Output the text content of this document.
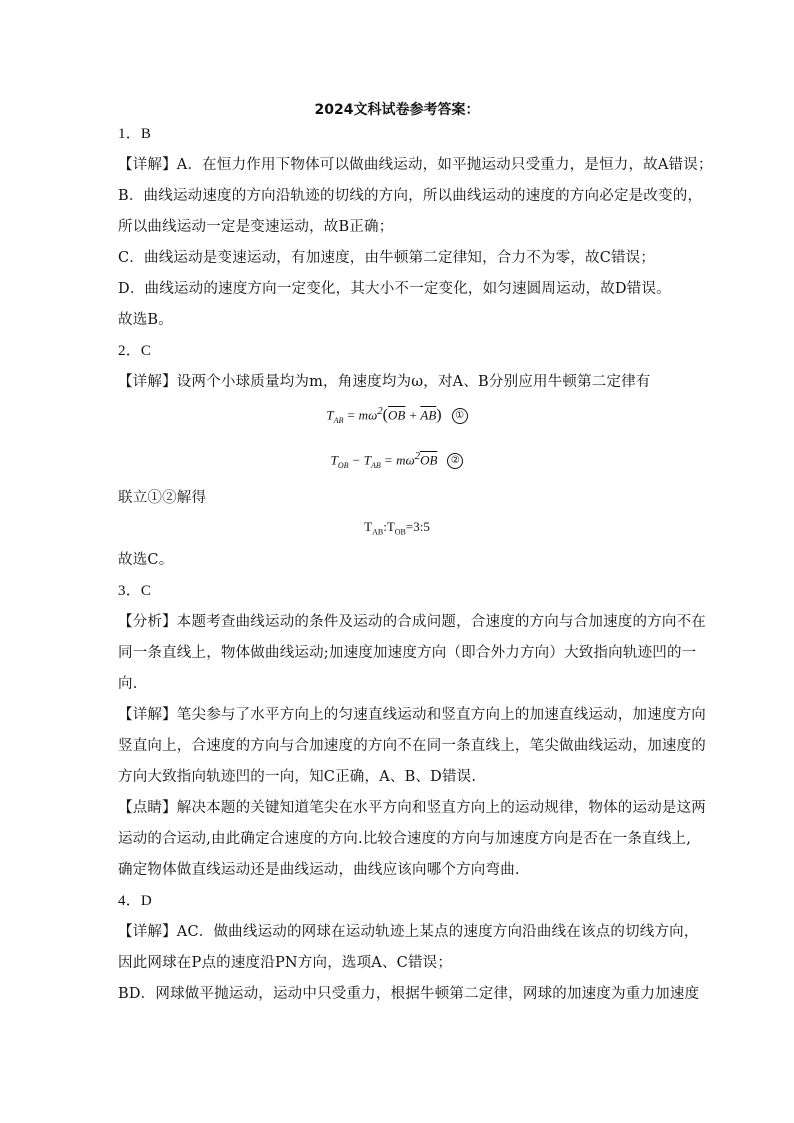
2024文科试卷参考答案：
1．B
【详解】A．在恒力作用下物体可以做曲线运动，如平抛运动只受重力，是恒力，故A错误；
B．曲线运动速度的方向沿轨迹的切线的方向，所以曲线运动的速度的方向必定是改变的，
所以曲线运动一定是变速运动，故B正确；
C．曲线运动是变速运动，有加速度，由牛顿第二定律知，合力不为零，故C错误；
D．曲线运动的速度方向一定变化，其大小不一定变化，如匀速圆周运动，故D错误。
故选B。
2．C
【详解】设两个小球质量均为m，角速度均为ω，对A、B分别应用牛顿第二定律有
$T_{AB} = m\omega^2(\overline{OB} + \overline{AB})$ ①
$T_{OB} - T_{AB} = m\omega^2\overline{OB}$ ②
联立①②解得
$T_{AB}:T_{OB}=3:5$
故选C。
3．C
【分析】本题考查曲线运动的条件及运动的合成问题，合速度的方向与合加速度的方向不在
同一条直线上，物体做曲线运动;加速度加速度方向（即合外力方向）大致指向轨迹凹的一
向.
【详解】笔尖参与了水平方向上的匀速直线运动和竖直方向上的加速直线运动，加速度方向
竖直向上，合速度的方向与合加速度的方向不在同一条直线上，笔尖做曲线运动，加速度的
方向大致指向轨迹凹的一向，知C正确，A、B、D错误.
【点睛】解决本题的关键知道笔尖在水平方向和竖直方向上的运动规律，物体的运动是这两
运动的合运动,由此确定合速度的方向.比较合速度的方向与加速度方向是否在一条直线上,
确定物体做直线运动还是曲线运动，曲线应该向哪个方向弯曲.
4．D
【详解】AC．做曲线运动的网球在运动轨迹上某点的速度方向沿曲线在该点的切线方向，
因此网球在P点的速度沿PN方向，选项A、C错误；
BD．网球做平抛运动，运动中只受重力，根据牛顿第二定律，网球的加速度为重力加速度
